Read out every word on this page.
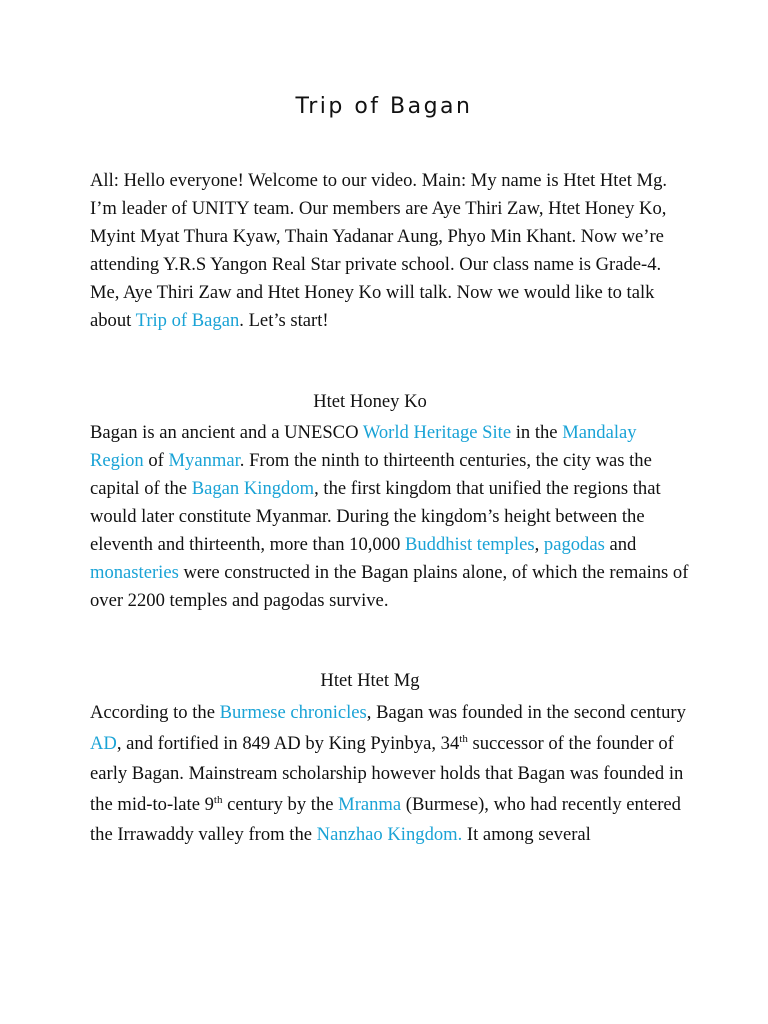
Trip of Bagan
All: Hello everyone! Welcome to our video. Main: My name is Htet Htet Mg. I’m leader of UNITY team. Our members are Aye Thiri Zaw, Htet Honey Ko, Myint Myat Thura Kyaw, Thain Yadanar Aung, Phyo Min Khant. Now we’re attending Y.R.S Yangon Real Star private school. Our class name is Grade-4. Me, Aye Thiri Zaw and Htet Honey Ko will talk. Now we would like to talk about Trip of Bagan. Let’s start!
Htet Honey Ko
Bagan is an ancient and a UNESCO World Heritage Site in the Mandalay Region of Myanmar. From the ninth to thirteenth centuries, the city was the capital of the Bagan Kingdom, the first kingdom that unified the regions that would later constitute Myanmar. During the kingdom’s height between the eleventh and thirteenth, more than 10,000 Buddhist temples, pagodas and monasteries were constructed in the Bagan plains alone, of which the remains of over 2200 temples and pagodas survive.
Htet Htet Mg
According to the Burmese chronicles, Bagan was founded in the second century AD, and fortified in 849 AD by King Pyinbya, 34th successor of the founder of early Bagan. Mainstream scholarship however holds that Bagan was founded in the mid-to-late 9th century by the Mranma (Burmese), who had recently entered the Irrawaddy valley from the Nanzhao Kingdom. It among several
